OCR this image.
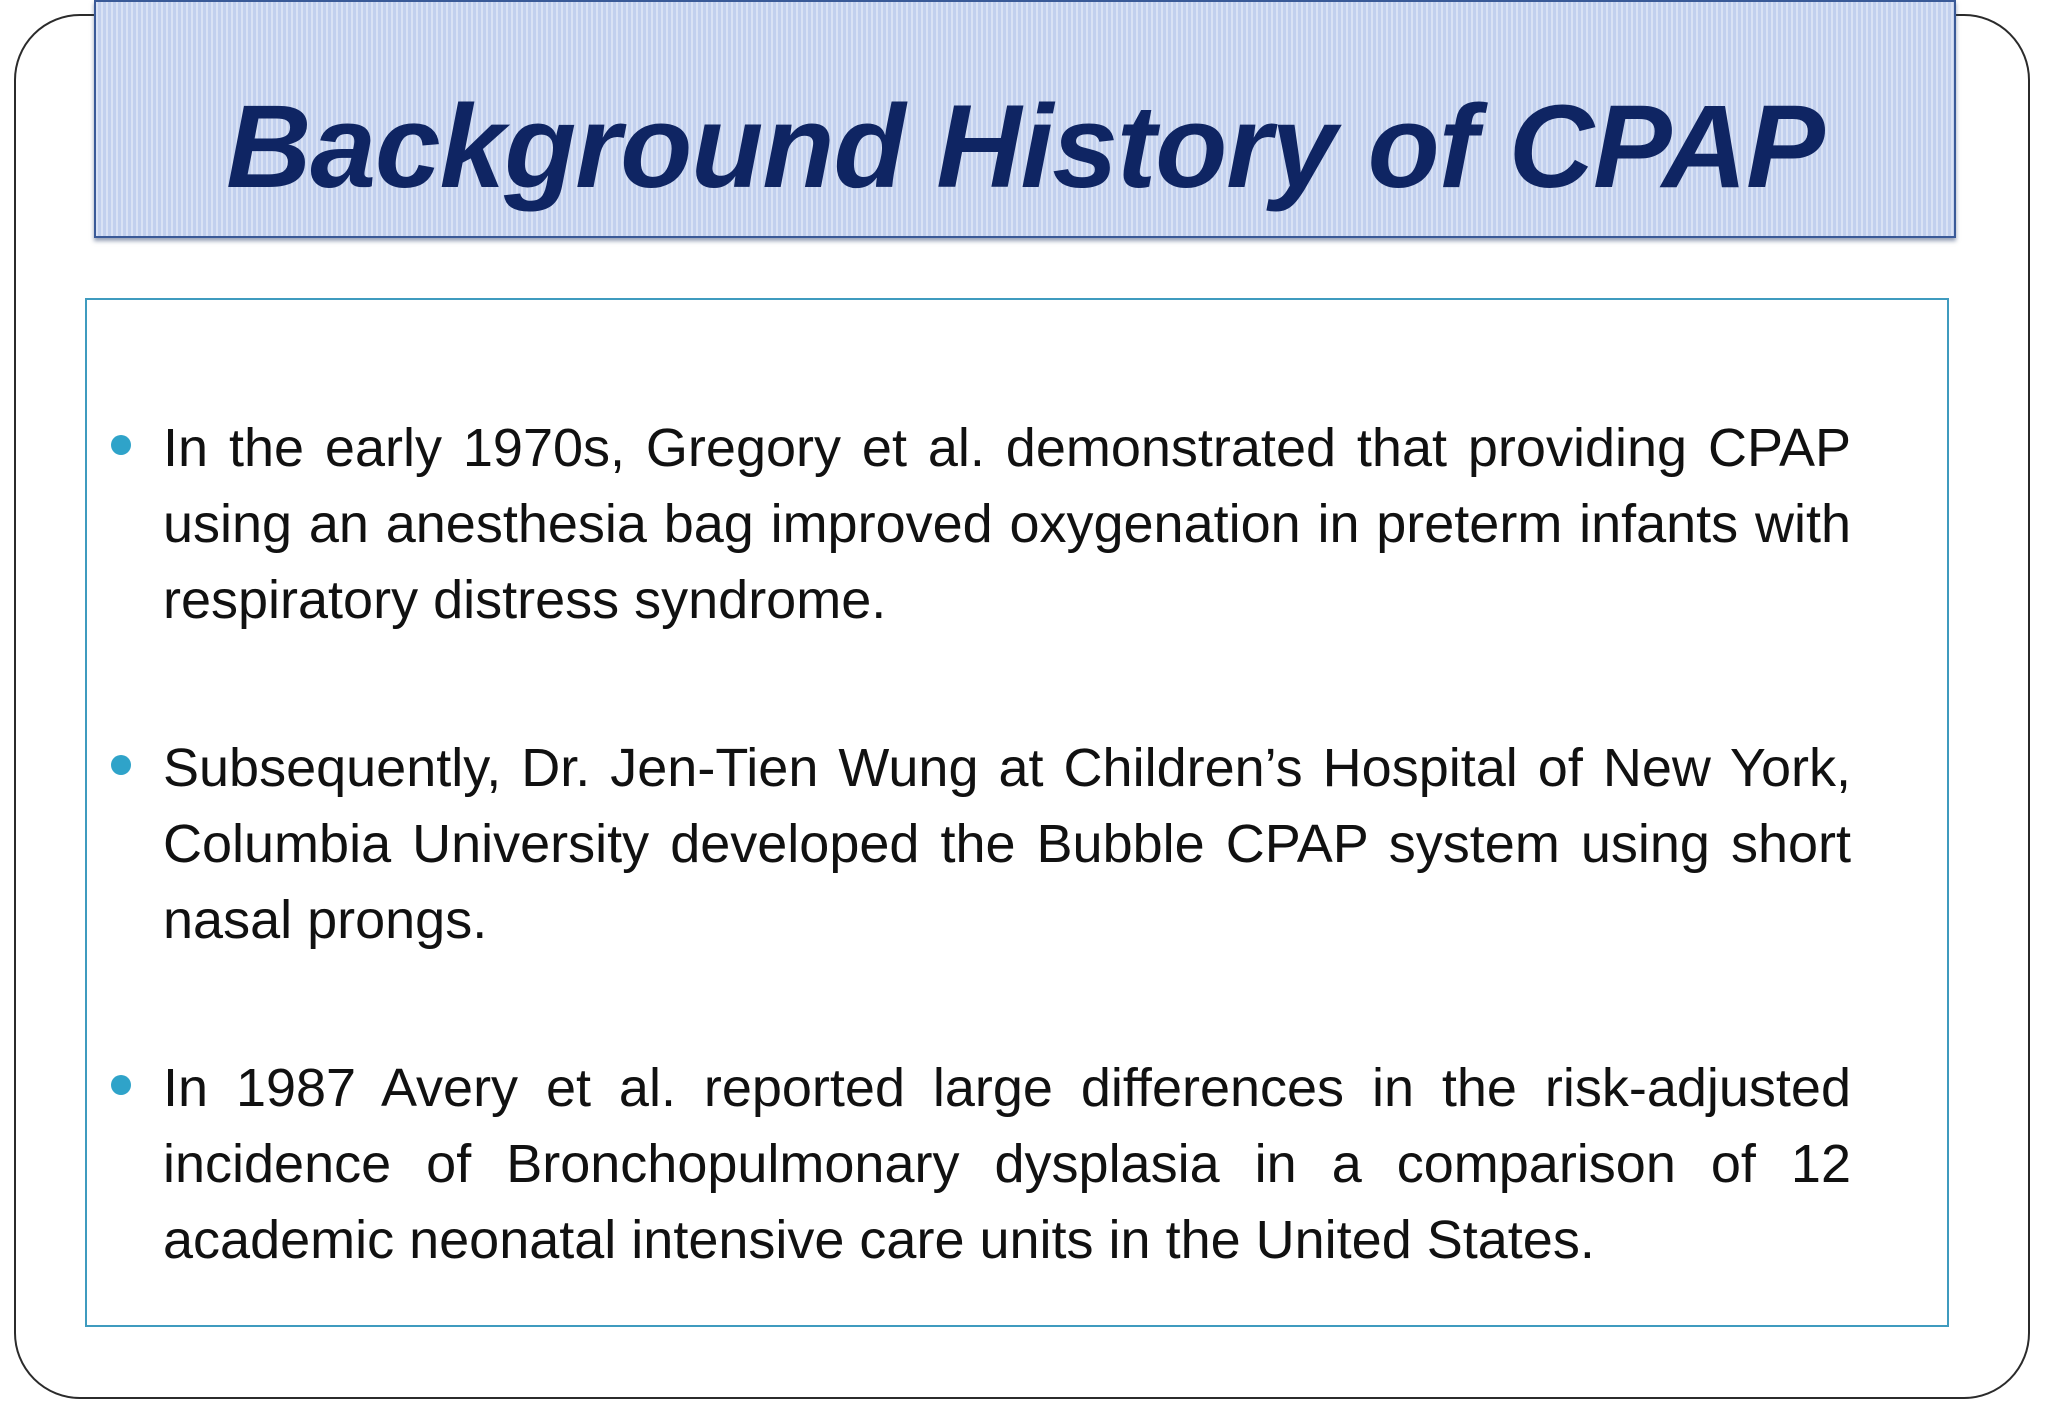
Background History of CPAP
In the early 1970s, Gregory et al. demonstrated that providing CPAP using an anesthesia bag improved oxygenation in preterm infants with respiratory distress syndrome.
Subsequently, Dr. Jen-Tien Wung at Children’s Hospital of New York, Columbia University developed the Bubble CPAP system using short nasal prongs.
In 1987 Avery et al. reported large differences in the risk-adjusted incidence of Bronchopulmonary dysplasia in a comparison of 12 academic neonatal intensive care units in the United States.
